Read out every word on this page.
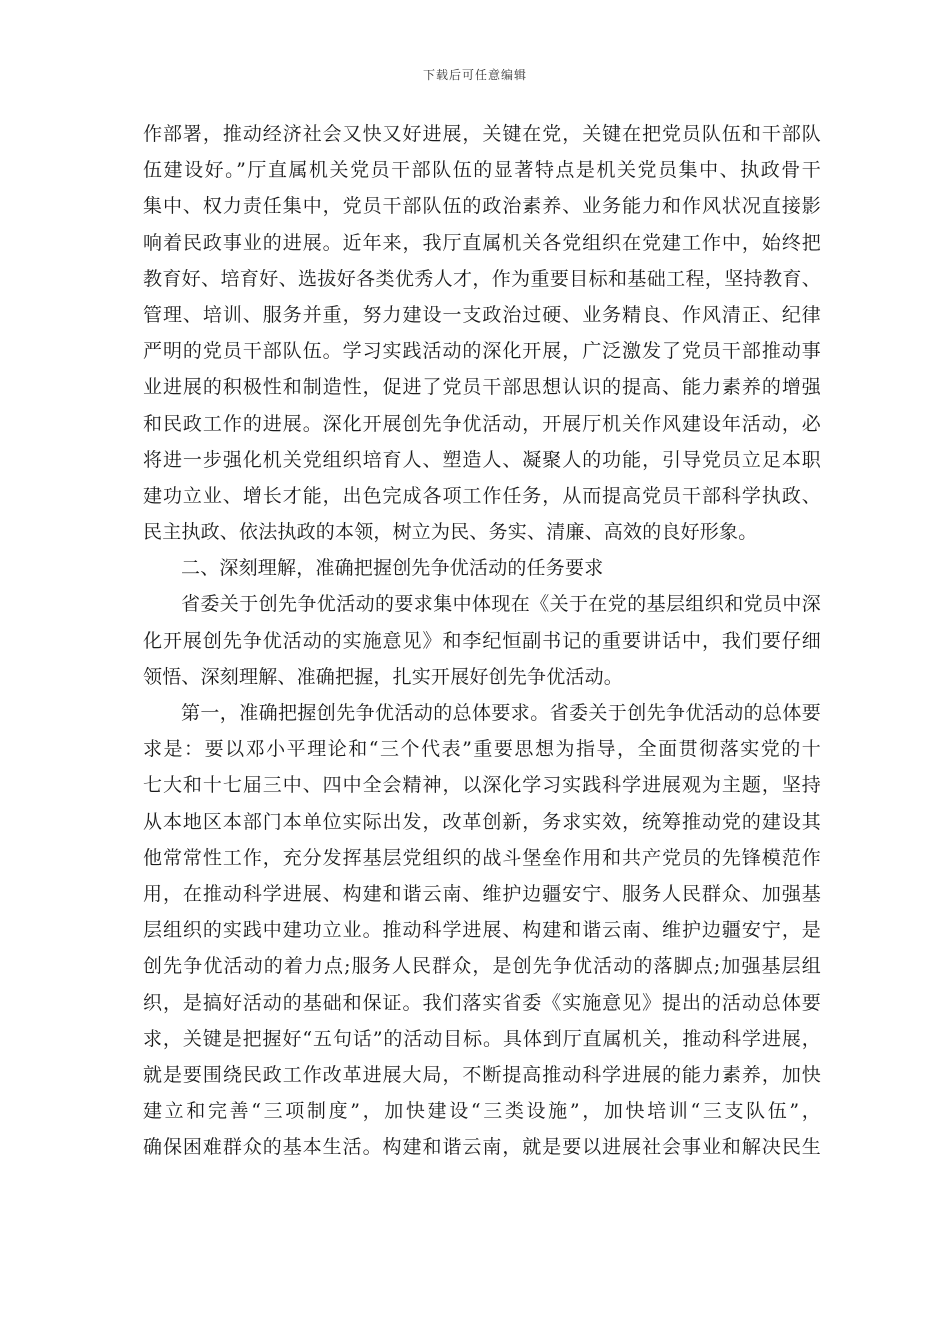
下载后可任意编辑
作部署，推动经济社会又快又好进展，关键在党，关键在把党员队伍和干部队
伍建设好。”厅直属机关党员干部队伍的显著特点是机关党员集中、执政骨干
集中、权力责任集中，党员干部队伍的政治素养、业务能力和作风状况直接影
响着民政事业的进展。近年来，我厅直属机关各党组织在党建工作中，始终把
教育好、培育好、选拔好各类优秀人才，作为重要目标和基础工程，坚持教育、
管理、培训、服务并重，努力建设一支政治过硬、业务精良、作风清正、纪律
严明的党员干部队伍。学习实践活动的深化开展，广泛激发了党员干部推动事
业进展的积极性和制造性，促进了党员干部思想认识的提高、能力素养的增强
和民政工作的进展。深化开展创先争优活动，开展厅机关作风建设年活动，必
将进一步强化机关党组织培育人、塑造人、凝聚人的功能，引导党员立足本职
建功立业、增长才能，出色完成各项工作任务，从而提高党员干部科学执政、
民主执政、依法执政的本领，树立为民、务实、清廉、高效的良好形象。
二、深刻理解，准确把握创先争优活动的任务要求
省委关于创先争优活动的要求集中体现在《关于在党的基层组织和党员中深
化开展创先争优活动的实施意见》和李纪恒副书记的重要讲话中，我们要仔细
领悟、深刻理解、准确把握，扎实开展好创先争优活动。
第一，准确把握创先争优活动的总体要求。省委关于创先争优活动的总体要
求是：要以邓小平理论和“三个代表”重要思想为指导，全面贯彻落实党的十
七大和十七届三中、四中全会精神，以深化学习实践科学进展观为主题，坚持
从本地区本部门本单位实际出发，改革创新，务求实效，统筹推动党的建设其
他常常性工作，充分发挥基层党组织的战斗堡垒作用和共产党员的先锋模范作
用，在推动科学进展、构建和谐云南、维护边疆安宁、服务人民群众、加强基
层组织的实践中建功立业。推动科学进展、构建和谐云南、维护边疆安宁，是
创先争优活动的着力点;服务人民群众，是创先争优活动的落脚点;加强基层组
织，是搞好活动的基础和保证。我们落实省委《实施意见》提出的活动总体要
求，关键是把握好“五句话”的活动目标。具体到厅直属机关，推动科学进展，
就是要围绕民政工作改革进展大局，不断提高推动科学进展的能力素养，加快
建立和完善“三项制度”，加快建设“三类设施”，加快培训“三支队伍”，
确保困难群众的基本生活。构建和谐云南，就是要以进展社会事业和解决民生
